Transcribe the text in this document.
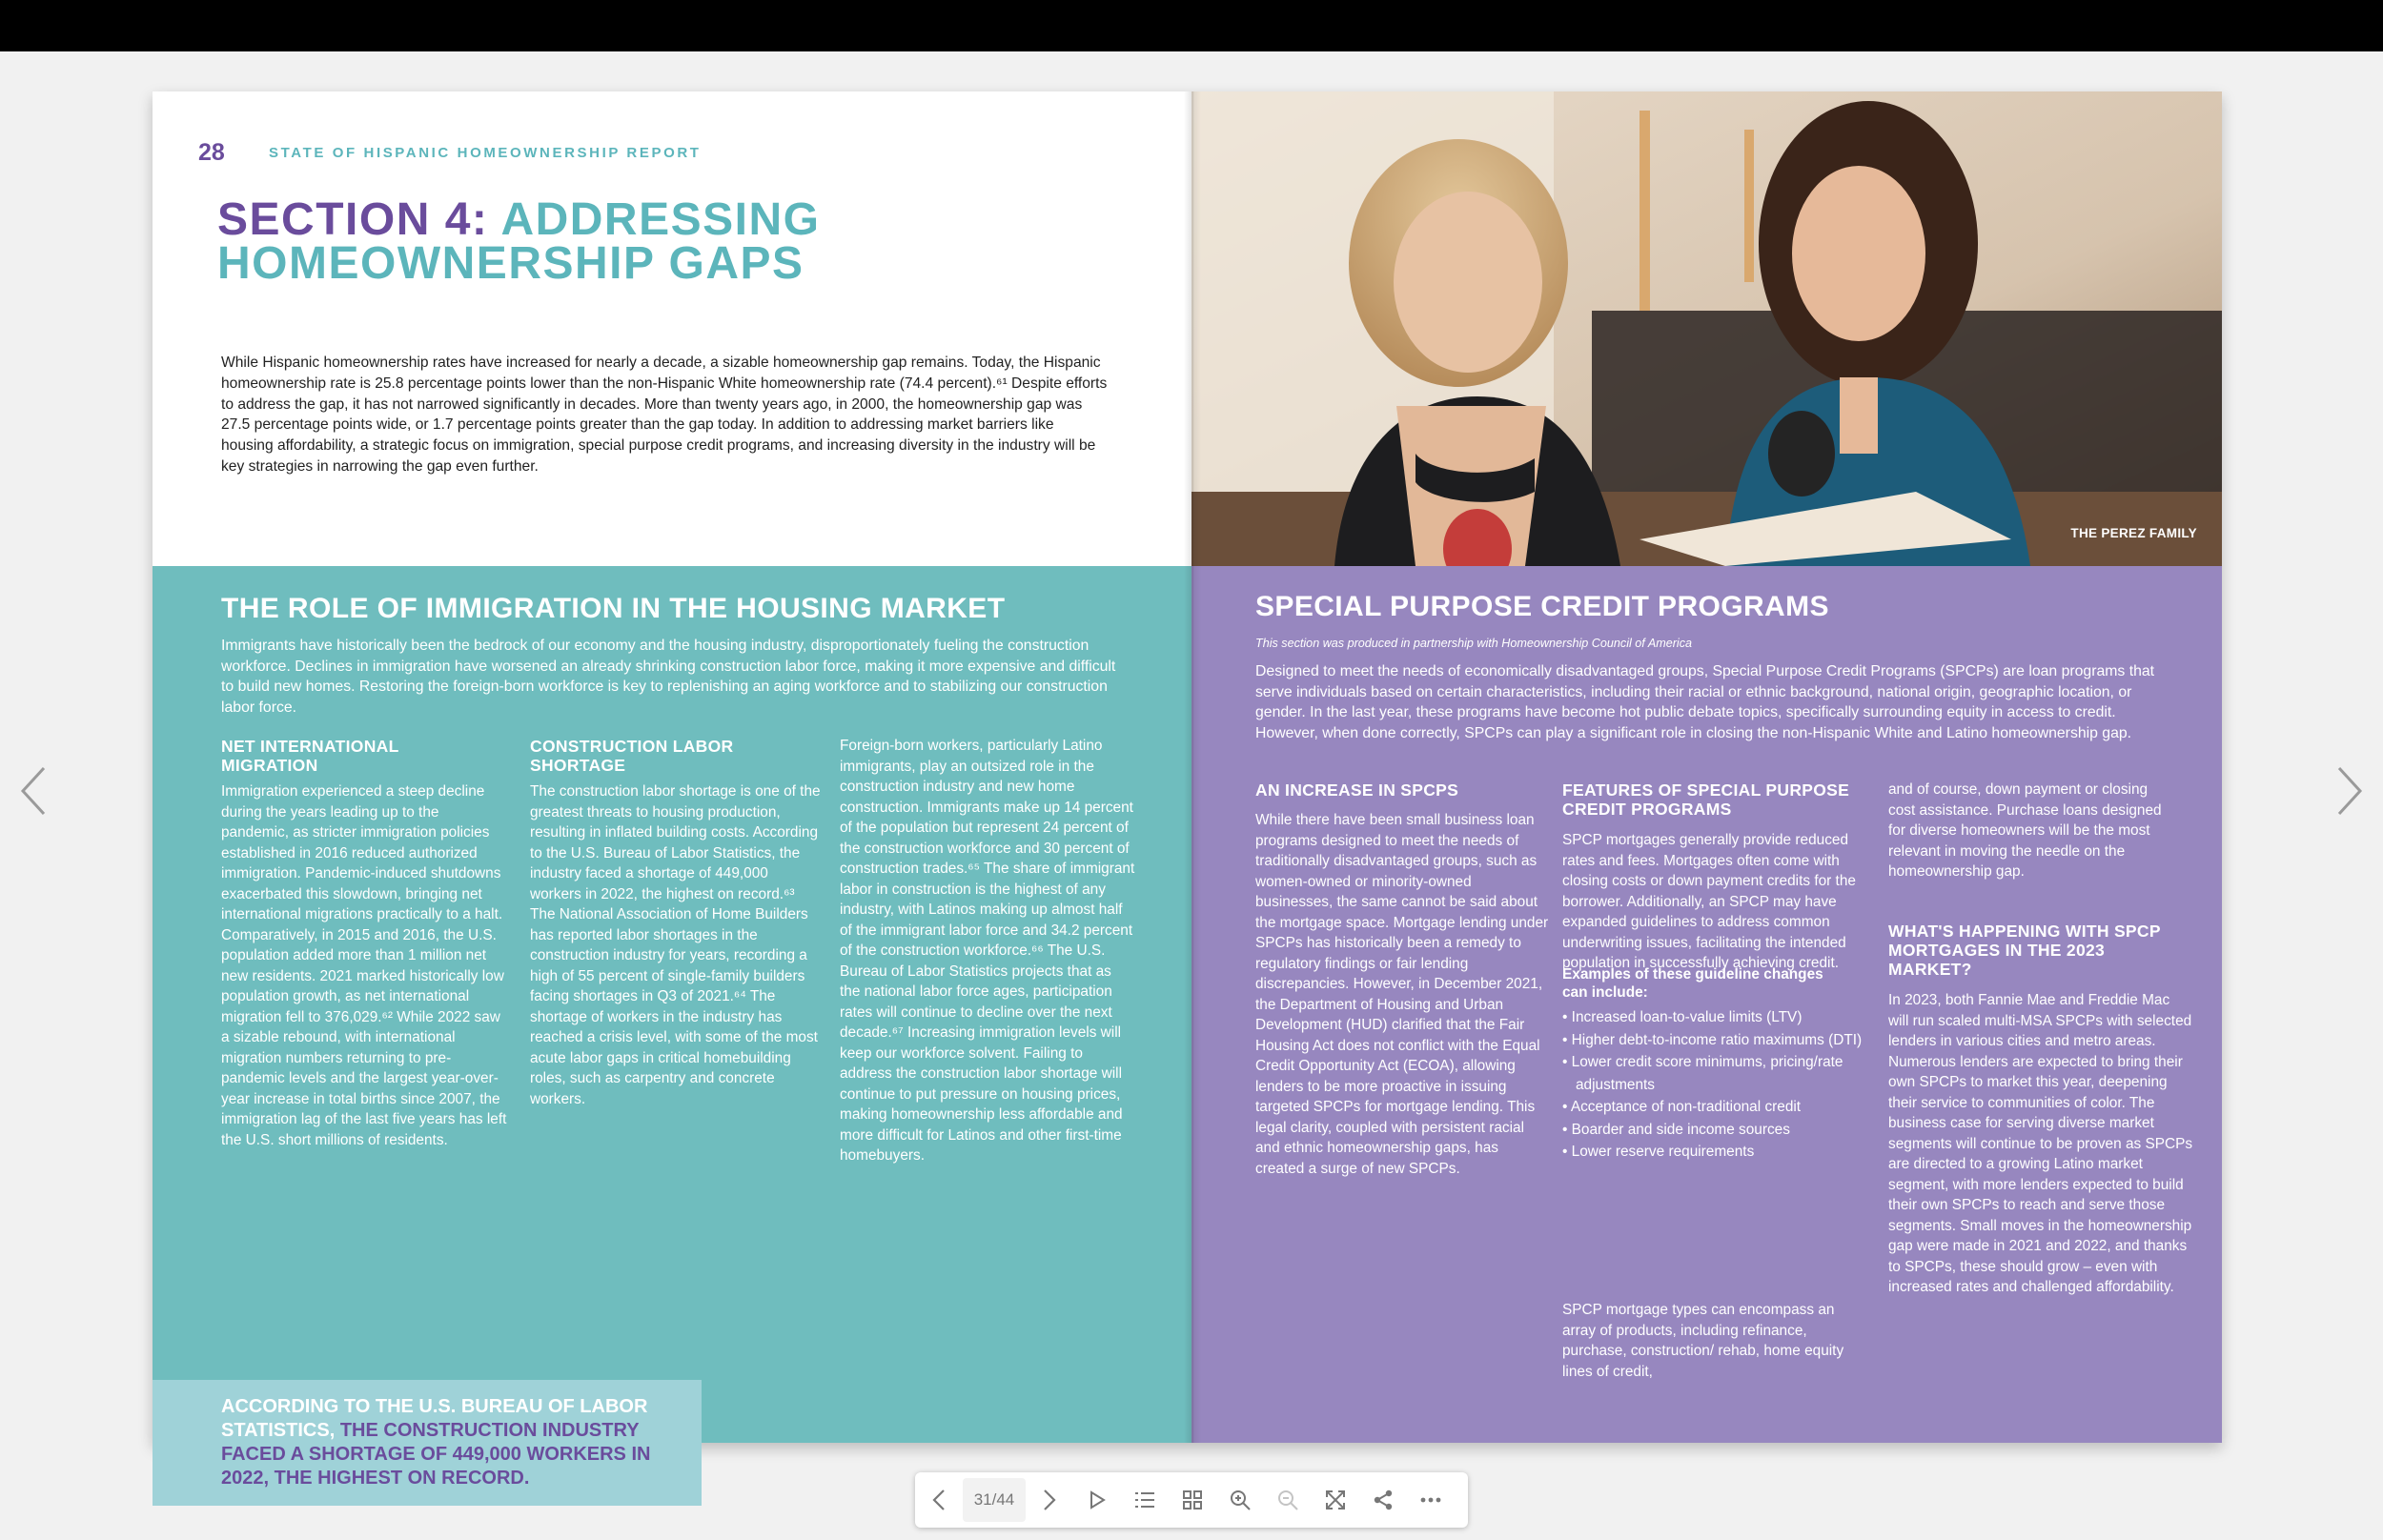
28	STATE OF HISPANIC HOMEOWNERSHIP REPORT
SECTION 4: ADDRESSING
HOMEOWNERSHIP GAPS

While Hispanic homeownership rates have increased for nearly a decade, a sizable homeownership gap remains. Today, the Hispanic homeownership rate is 25.8 percentage points lower than the non-Hispanic White homeownership rate (74.4 percent).⁶¹ Despite efforts to address the gap, it has not narrowed significantly in decades. More than twenty years ago, in 2000, the homeownership gap was 27.5 percentage points wide, or 1.7 percentage points greater than the gap today. In addition to addressing market barriers like housing affordability, a strategic focus on immigration, special purpose credit programs, and increasing diversity in the industry will be key strategies in narrowing the gap even further.

THE ROLE OF IMMIGRATION IN THE HOUSING MARKET

Immigrants have historically been the bedrock of our economy and the housing industry, disproportionately fueling the construction workforce. Declines in immigration have worsened an already shrinking construction labor force, making it more expensive and difficult to build new homes. Restoring the foreign-born workforce is key to replenishing an aging workforce and to stabilizing our construction labor force.

NET INTERNATIONAL MIGRATION

Immigration experienced a steep decline during the years leading up to the pandemic, as stricter immigration policies established in 2016 reduced authorized immigration. Pandemic-induced shutdowns exacerbated this slowdown, bringing net international migrations practically to a halt. Comparatively, in 2015 and 2016, the U.S. population added more than 1 million net new residents. 2021 marked historically low population growth, as net international migration fell to 376,029.⁶² While 2022 saw a sizable rebound, with international migration numbers returning to pre-pandemic levels and the largest year-over-year increase in total births since 2007, the immigration lag of the last five years has left the U.S. short millions of residents.

CONSTRUCTION LABOR SHORTAGE

The construction labor shortage is one of the greatest threats to housing production, resulting in inflated building costs. According to the U.S. Bureau of Labor Statistics, the industry faced a shortage of 449,000 workers in 2022, the highest on record.⁶³ The National Association of Home Builders has reported labor shortages in the construction industry for years, recording a high of 55 percent of single-family builders facing shortages in Q3 of 2021.⁶⁴ The shortage of workers in the industry has reached a crisis level, with some of the most acute labor gaps in critical homebuilding roles, such as carpentry and concrete workers.

Foreign-born workers, particularly Latino immigrants, play an outsized role in the construction industry and new home construction. Immigrants make up 14 percent of the population but represent 24 percent of the construction workforce and 30 percent of construction trades.⁶⁵ The share of immigrant labor in construction is the highest of any industry, with Latinos making up almost half of the immigrant labor force and 34.2 percent of the construction workforce.⁶⁶ The U.S. Bureau of Labor Statistics projects that as the national labor force ages, participation rates will continue to decline over the next decade.⁶⁷ Increasing immigration levels will keep our workforce solvent. Failing to address the construction labor shortage will continue to put pressure on housing prices, making homeownership less affordable and more difficult for Latinos and other first-time homebuyers.

ACCORDING TO THE U.S. BUREAU OF LABOR STATISTICS, THE CONSTRUCTION INDUSTRY FACED A SHORTAGE OF 449,000 WORKERS IN 2022, THE HIGHEST ON RECORD.

THE PEREZ FAMILY
SPECIAL PURPOSE CREDIT PROGRAMS

This section was produced in partnership with Homeownership Council of America

Designed to meet the needs of economically disadvantaged groups, Special Purpose Credit Programs (SPCPs) are loan programs that serve individuals based on certain characteristics, including their racial or ethnic background, national origin, geographic location, or gender. In the last year, these programs have become hot public debate topics, specifically surrounding equity in access to credit. However, when done correctly, SPCPs can play a significant role in closing the non-Hispanic White and Latino homeownership gap.

AN INCREASE IN SPCPS

While there have been small business loan programs designed to meet the needs of traditionally disadvantaged groups, such as women-owned or minority-owned businesses, the same cannot be said about the mortgage space. Mortgage lending under SPCPs has historically been a remedy to regulatory findings or fair lending discrepancies. However, in December 2021, the Department of Housing and Urban Development (HUD) clarified that the Fair Housing Act does not conflict with the Equal Credit Opportunity Act (ECOA), allowing lenders to be more proactive in issuing targeted SPCPs for mortgage lending. This legal clarity, coupled with persistent racial and ethnic homeownership gaps, has created a surge of new SPCPs.

FEATURES OF SPECIAL PURPOSE CREDIT PROGRAMS

SPCP mortgages generally provide reduced rates and fees. Mortgages often come with closing costs or down payment credits for the borrower. Additionally, an SPCP may have expanded guidelines to address common underwriting issues, facilitating the intended population in successfully achieving credit.

Examples of these guideline changes can include:

• Increased loan-to-value limits (LTV)
• Higher debt-to-income ratio maximums (DTI)
• Lower credit score minimums, pricing/rate adjustments
• Acceptance of non-traditional credit
• Boarder and side income sources
• Lower reserve requirements

SPCP mortgage types can encompass an array of products, including refinance, purchase, construction/ rehab, home equity lines of credit,

and of course, down payment or closing cost assistance. Purchase loans designed for diverse homeowners will be the most relevant in moving the needle on the homeownership gap.

WHAT'S HAPPENING WITH SPCP MORTGAGES IN THE 2023 MARKET?

In 2023, both Fannie Mae and Freddie Mac will run scaled multi-MSA SPCPs with selected lenders in various cities and metro areas. Numerous lenders are expected to bring their own SPCPs to market this year, deepening their service to communities of color. The business case for serving diverse market segments will continue to be proven as SPCPs are directed to a growing Latino market segment, with more lenders expected to build their own SPCPs to reach and serve those segments. Small moves in the homeownership gap were made in 2021 and 2022, and thanks to SPCPs, these should grow – even with increased rates and challenged affordability.

31/44
